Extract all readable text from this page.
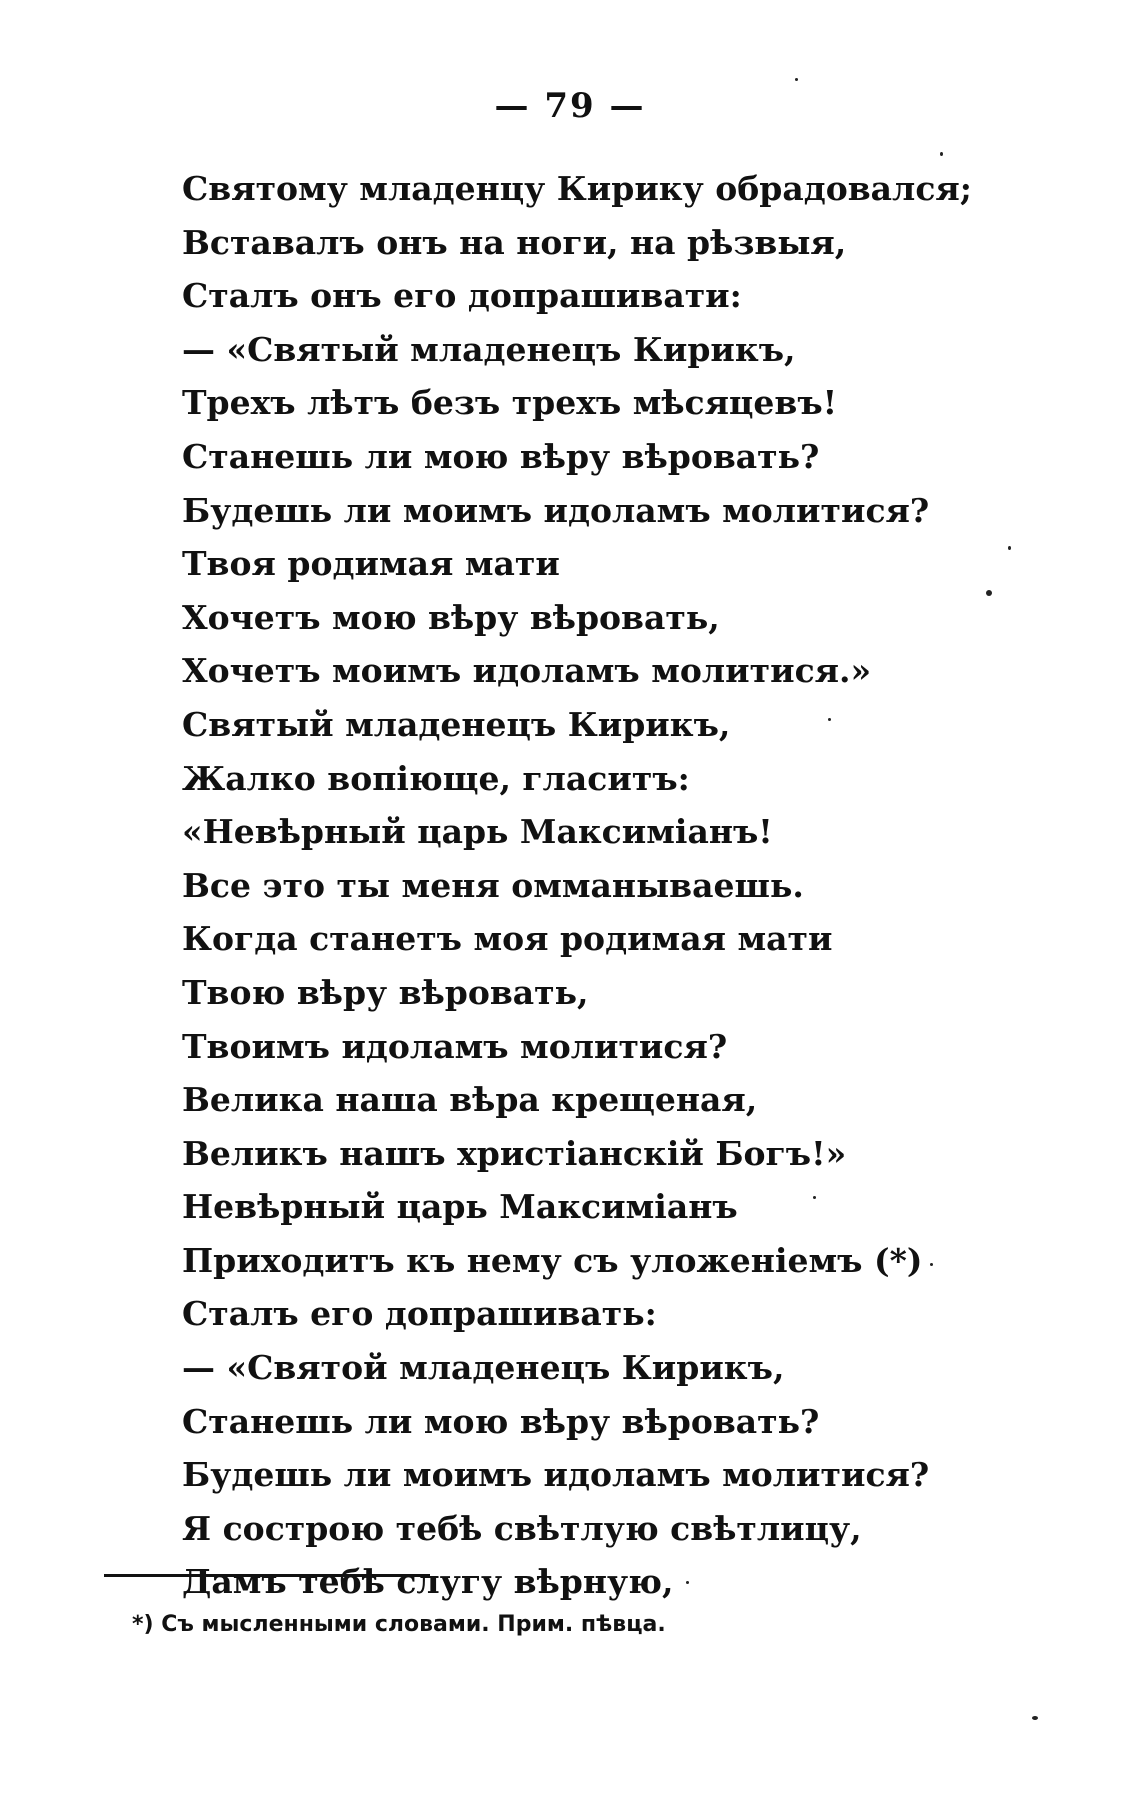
— 79 —
Святому младенцу Кирику обрадовался;
Вставалъ онъ на ноги, на рѣзвыя,
Сталъ онъ его допрашивати:
— «Святый младенецъ Кирикъ,
Трехъ лѣтъ безъ трехъ мѣсяцевъ!
Станешь ли мою вѣру вѣровать?
Будешь ли моимъ идоламъ молитися?
Твоя родимая мати
Хочетъ мою вѣру вѣровать,
Хочетъ моимъ идоламъ молитися.»
Святый младенецъ Кирикъ,
Жалко вопіюще, гласитъ:
«Невѣрный царь Максиміанъ!
Все это ты меня омманываешь.
Когда станетъ моя родимая мати
Твою вѣру вѣровать,
Твоимъ идоламъ молитися?
Велика наша вѣра крещеная,
Великъ нашъ христіанскій Богъ!»
Невѣрный царь Максиміанъ
Приходитъ къ нему съ уложеніемъ (*)
Сталъ его допрашивать:
— «Святой младенецъ Кирикъ,
Станешь ли мою вѣру вѣровать?
Будешь ли моимъ идоламъ молитися?
Я сострою тебѣ свѣтлую свѣтлицу,
Дамъ тебѣ слугу вѣрную,
*) Съ мысленными словами. Прим. пѣвца.
